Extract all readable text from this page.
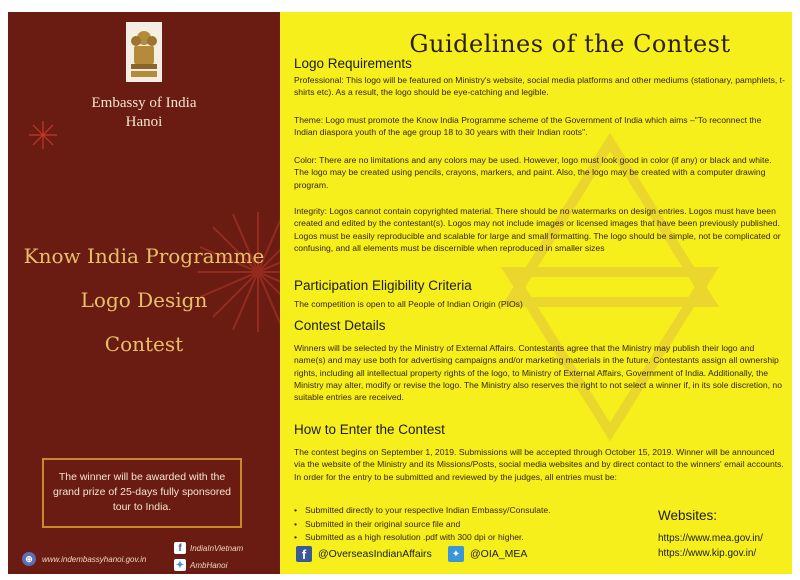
Embassy of India
Hanoi
Know India Programme
Logo Design
Contest
The winner will be awarded with the grand prize of 25-days fully sponsored tour to India.
⊕	www.indembassyhanoi.gov.in
f	IndiaInVietnam
✦ AmbHanoi
Guidelines of the Contest
Logo Requirements
Professional: This logo will be featured on Ministry's website, social media platforms and other mediums (stationary, pamphlets, t-shirts etc). As a result, the logo should be eye-catching and legible.
Theme: Logo must promote the Know India Programme scheme of the Government of India which aims –"To reconnect the Indian diaspora youth of the age group 18 to 30 years with their Indian roots".
Color: There are no limitations and any colors may be used. However, logo must look good in color (if any) or black and white. The logo may be created using pencils, crayons, markers, and paint. Also, the logo may be created with a computer drawing program.
Integrity: Logos cannot contain copyrighted material. There should be no watermarks on design entries. Logos must have been created and edited by the contestant(s). Logos may not include images or licensed images that have been previously published. Logos must be easily reproducible and scalable for large and small formatting. The logo should be simple, not be complicated or confusing, and all elements must be discernible when reproduced in smaller sizes
Participation Eligibility Criteria
The competition is open to all People of Indian Origin (PIOs)
Contest Details
Winners will be selected by the Ministry of External Affairs. Contestants agree that the Ministry may publish their logo and name(s) and may use both for advertising campaigns and/or marketing materials in the future. Contestants assign all ownership rights, including all intellectual property rights of the logo, to Ministry of External Affairs, Government of India. Additionally, the Ministry may alter, modify or revise the logo. The Ministry also reserves the right to not select a winner if, in its sole discretion, no suitable entries are received.
How to Enter the Contest
The contest begins on September 1, 2019. Submissions will be accepted through October 15, 2019. Winner will be announced via the website of the Ministry and its Missions/Posts, social media websites and by direct contact to the winners' email accounts. In order for the entry to be submitted and reviewed by the judges, all entries must be:
• Submitted directly to your respective Indian Embassy/Consulate.
• Submitted in their original source file and
• Submitted as a high resolution .pdf with 300 dpi or higher.
Websites:
https://www.mea.gov.in/
https://www.kip.gov.in/
f	@OverseasIndianAffairs	✦ @OIA_MEA
